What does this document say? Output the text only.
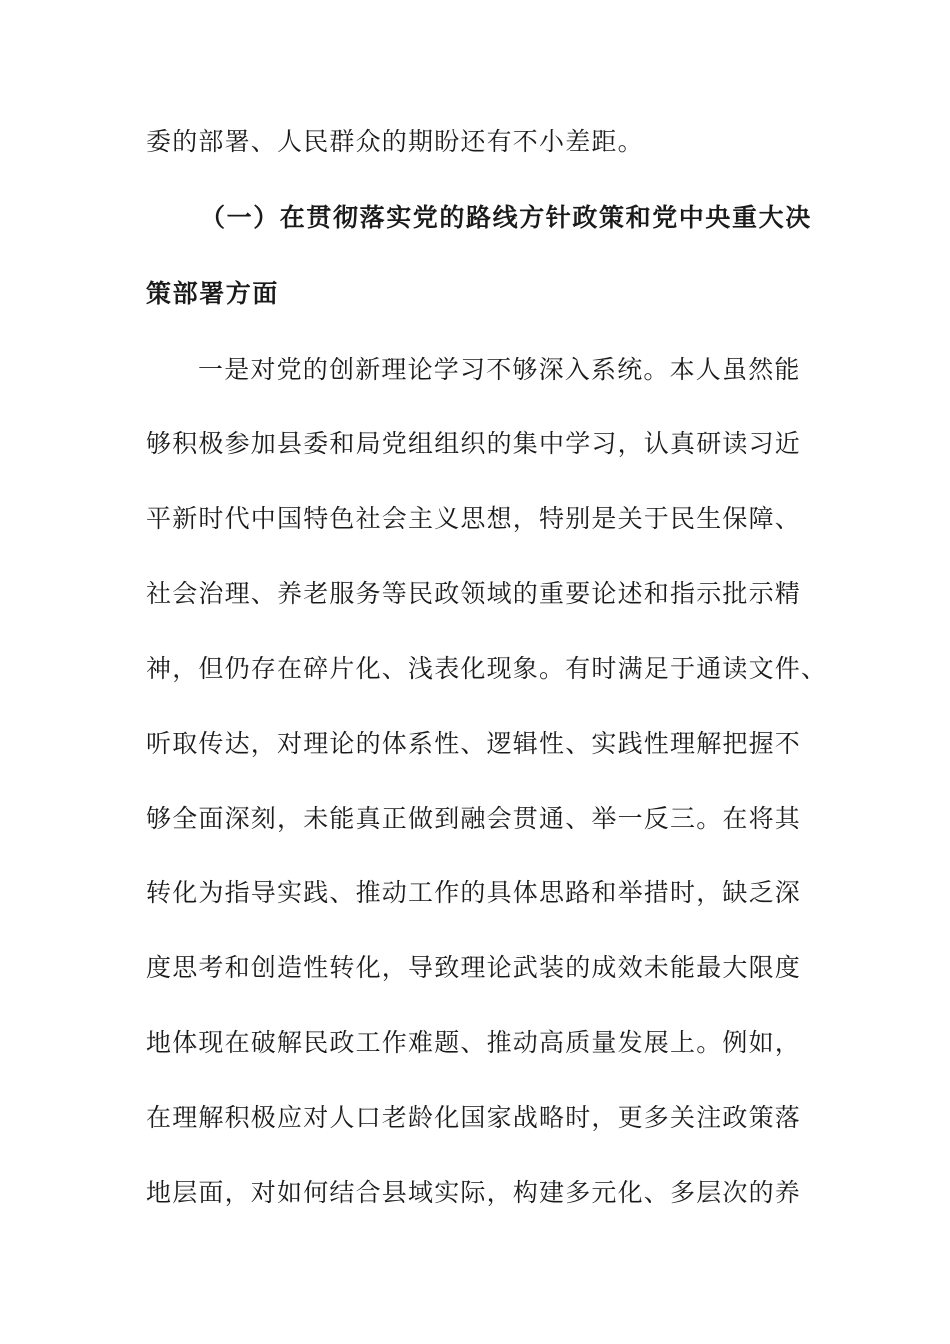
委的部署、人民群众的期盼还有不小差距。
（一）在贯彻落实党的路线方针政策和党中央重大决
策部署方面
一是对党的创新理论学习不够深入系统。本人虽然能
够积极参加县委和局党组组织的集中学习，认真研读习近
平新时代中国特色社会主义思想，特别是关于民生保障、
社会治理、养老服务等民政领域的重要论述和指示批示精
神，但仍存在碎片化、浅表化现象。有时满足于通读文件、
听取传达，对理论的体系性、逻辑性、实践性理解把握不
够全面深刻，未能真正做到融会贯通、举一反三。在将其
转化为指导实践、推动工作的具体思路和举措时，缺乏深
度思考和创造性转化，导致理论武装的成效未能最大限度
地体现在破解民政工作难题、推动高质量发展上。例如，
在理解积极应对人口老龄化国家战略时，更多关注政策落
地层面，对如何结合县域实际，构建多元化、多层次的养
